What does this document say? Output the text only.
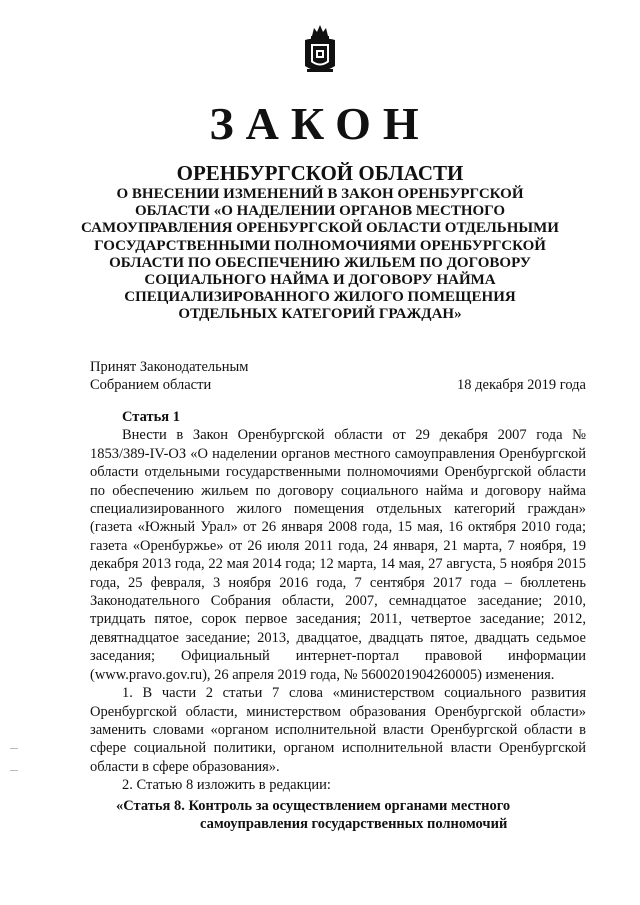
ЗАКОН
ОРЕНБУРГСКОЙ ОБЛАСТИ
О ВНЕСЕНИИ ИЗМЕНЕНИЙ В ЗАКОН ОРЕНБУРГСКОЙ
ОБЛАСТИ «О НАДЕЛЕНИИ ОРГАНОВ МЕСТНОГО
САМОУПРАВЛЕНИЯ ОРЕНБУРГСКОЙ ОБЛАСТИ ОТДЕЛЬНЫМИ
ГОСУДАРСТВЕННЫМИ ПОЛНОМОЧИЯМИ ОРЕНБУРГСКОЙ
ОБЛАСТИ ПО ОБЕСПЕЧЕНИЮ ЖИЛЬЕМ ПО ДОГОВОРУ
СОЦИАЛЬНОГО НАЙМА И ДОГОВОРУ НАЙМА
СПЕЦИАЛИЗИРОВАННОГО ЖИЛОГО ПОМЕЩЕНИЯ
ОТДЕЛЬНЫХ КАТЕГОРИЙ ГРАЖДАН»
Принят Законодательным
Собранием области	18 декабря 2019 года
Статья 1

Внести в Закон Оренбургской области от 29 декабря 2007 года № 1853/389-IV-ОЗ «О наделении органов местного самоуправления Оренбургской области отдельными государственными полномочиями Оренбургской области по обеспечению жильем по договору социального найма и договору найма специализированного жилого помещения отдельных категорий граждан» (газета «Южный Урал» от 26 января 2008 года, 15 мая, 16 октября 2010 года; газета «Оренбуржье» от 26 июля 2011 года, 24 января, 21 марта, 7 ноября, 19 декабря 2013 года, 22 мая 2014 года; 12 марта, 14 мая, 27 августа, 5 ноября 2015 года, 25 февраля, 3 ноября 2016 года, 7 сентября 2017 года – бюллетень Законодательного Собрания области, 2007, семнадцатое заседание; 2010, тридцать пятое, сорок первое заседания; 2011, четвертое заседание; 2012, девятнадцатое заседание; 2013, двадцатое, двадцать пятое, двадцать седьмое заседания; Официальный интернет-портал правовой информации (www.pravo.gov.ru), 26 апреля 2019 года, № 5600201904260005) изменения.

1. В части 2 статьи 7 слова «министерством социального развития Оренбургской области, министерством образования Оренбургской области» заменить словами «органом исполнительной власти Оренбургской области в сфере социальной политики, органом исполнительной власти Оренбургской области в сфере образования».

2. Статью 8 изложить в редакции:

«Статья 8. Контроль за осуществлением органами местного
самоуправления государственных полномочий
